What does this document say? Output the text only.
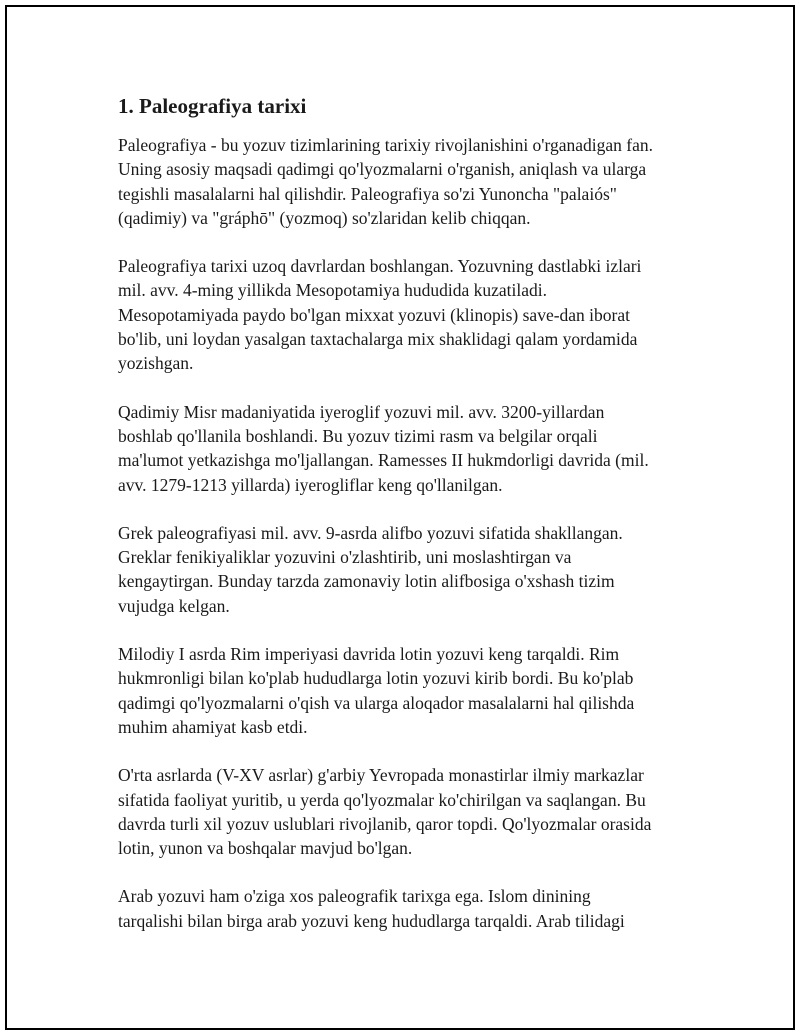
1. Paleografiya tarixi

Paleografiya - bu yozuv tizimlarining tarixiy rivojlanishini o'rganadigan fan.
Uning asosiy maqsadi qadimgi qo'lyozmalarni o'rganish, aniqlash va ularga
tegishli masalalarni hal qilishdir. Paleografiya so'zi Yunoncha "palaiós"
(qadimiy) va "gráphō" (yozmoq) so'zlaridan kelib chiqqan.

Paleografiya tarixi uzoq davrlardan boshlangan. Yozuvning dastlabki izlari
mil. avv. 4-ming yillikda Mesopotamiya hududida kuzatiladi.
Mesopotamiyada paydo bo'lgan mixxat yozuvi (klinopis) save-dan iborat
bo'lib, uni loydan yasalgan taxtachalarga mix shaklidagi qalam yordamida
yozishgan.

Qadimiy Misr madaniyatida iyeroglif yozuvi mil. avv. 3200-yillardan
boshlab qo'llanila boshlandi. Bu yozuv tizimi rasm va belgilar orqali
ma'lumot yetkazishga mo'ljallangan. Ramesses II hukmdorligi davrida (mil.
avv. 1279-1213 yillarda) iyerogliflar keng qo'llanilgan.

Grek paleografiyasi mil. avv. 9-asrda alifbo yozuvi sifatida shakllangan.
Greklar fenikiyaliklar yozuvini o'zlashtirib, uni moslashtirgan va
kengaytirgan. Bunday tarzda zamonaviy lotin alifbosiga o'xshash tizim
vujudga kelgan.

Milodiy I asrda Rim imperiyasi davrida lotin yozuvi keng tarqaldi. Rim
hukmronligi bilan ko'plab hududlarga lotin yozuvi kirib bordi. Bu ko'plab
qadimgi qo'lyozmalarni o'qish va ularga aloqador masalalarni hal qilishda
muhim ahamiyat kasb etdi.

O'rta asrlarda (V-XV asrlar) g'arbiy Yevropada monastirlar ilmiy markazlar
sifatida faoliyat yuritib, u yerda qo'lyozmalar ko'chirilgan va saqlangan. Bu
davrda turli xil yozuv uslublari rivojlanib, qaror topdi. Qo'lyozmalar orasida
lotin, yunon va boshqalar mavjud bo'lgan.

Arab yozuvi ham o'ziga xos paleografik tarixga ega. Islom dinining
tarqalishi bilan birga arab yozuvi keng hududlarga tarqaldi. Arab tilidagi
